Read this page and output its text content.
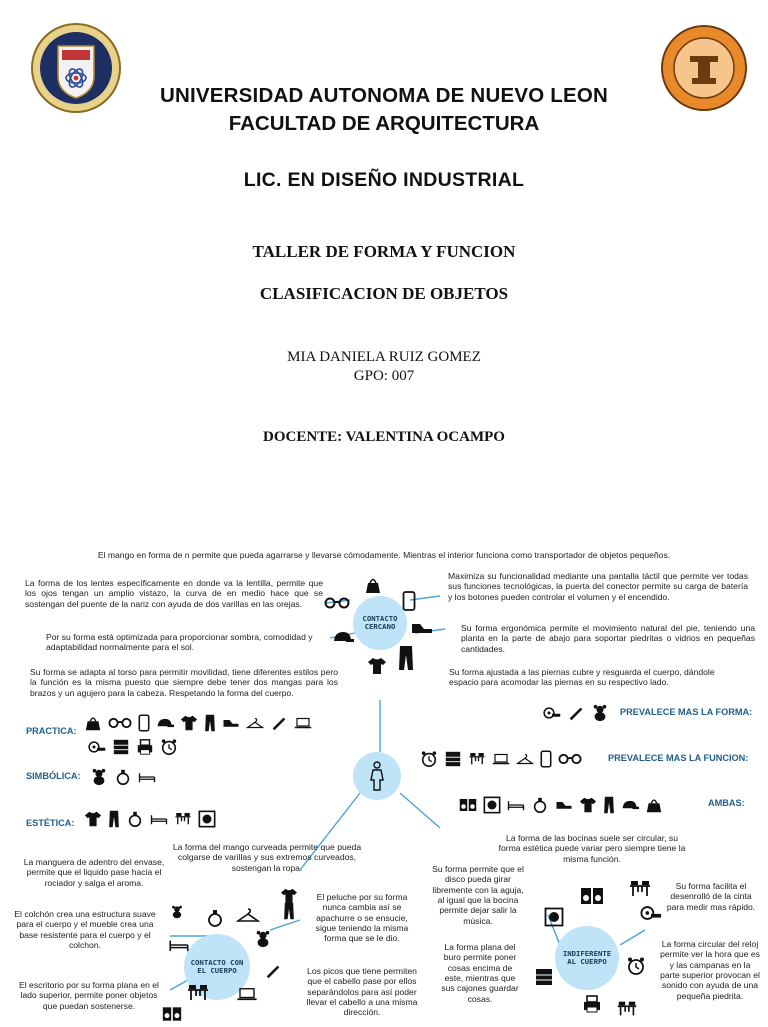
UNIVERSIDAD AUTONOMA DE NUEVO LEON
FACULTAD DE ARQUITECTURA
LIC. EN DISEÑO INDUSTRIAL
TALLER DE FORMA Y FUNCION
CLASIFICACION DE OBJETOS
MIA DANIELA RUIZ GOMEZ
GPO: 007
DOCENTE: VALENTINA OCAMPO
El mango en forma de n permite que pueda agarrarse y llevarse cómodamente. Mientras el interior funciona como transportador de objetos pequeños.
CONTACTO
CERCANO
La forma de los lentes específicamente en donde va la lentilla, permite que los ojos tengan un amplio vistazo, la curva de en medio hace que se sostengan del puente de la nariz con ayuda de dos varillas en las orejas.
Por su forma está optimizada para proporcionar sombra, comodidad y adaptabilidad normalmente para el sol.
Su forma se adapta al torso para permitir movilidad, tiene diferentes estilos pero la función es la misma puesto que siempre debe tener dos mangas para los brazos y un agujero para la cabeza. Respetando la forma del cuerpo.
Maximiza su funcionalidad mediante una pantalla táctil que permite ver todas sus funciones tecnológicas, la puerta del conector permite su carga de batería y los botones pueden controlar el volumen y el encendido.
Su forma ergonómica permite el movimiento natural del pie, teniendo una planta en la parte de abajo para soportar piedritas o vidrios en pequeñas cantidades.
Su forma ajustada a las piernas cubre y resguarda el cuerpo, dándole espacio para acomodar las piernas en su respectivo lado.
PRACTICA:
SIMBÓLICA:
ESTÉTICA:
PREVALECE MAS LA FORMA:
PREVALECE MAS LA FUNCION:
AMBAS:
CONTACTO CON
EL CUERPO
INDIFERENTE
AL CUERPO
La forma del mango curveada permite que pueda colgarse de varillas y sus extremos curveados, sostengan la ropa.
La manguera de adentro del envase, permite que el liquido pase hacia el rociador y salga el aroma.
El colchón crea una estructura suave para el cuerpo y el mueble crea una base resistente para el cuerpo y el colchon.
El escritorio por su forma plana en el lado superior, permite poner objetos que puedan sostenerse.
El peluche por su forma nunca cambia así se apachurre o se ensucie, sigue teniendo la misma forma que se le dio.
Los picos que tiene permiten que el cabello pase por ellos separándolos para así poder llevar el cabello a una misma dirección.
La forma de las bocinas suele ser circular, su forma estética puede variar pero siempre tiene la misma función.
Su forma permite que el disco pueda girar libremente con la aguja, al igual que la bocina permite dejar salir la música.
La forma plana del buro permite poner cosas encima de este, mientras que sus cajones guardar cosas.
Su forma facilita el desenrolló de la cinta para medir mas rápido.
La forma circular del reloj permite ver la hora que es y las campanas en la parte superior provocan el sonido con ayuda de una pequeña piedrita.
